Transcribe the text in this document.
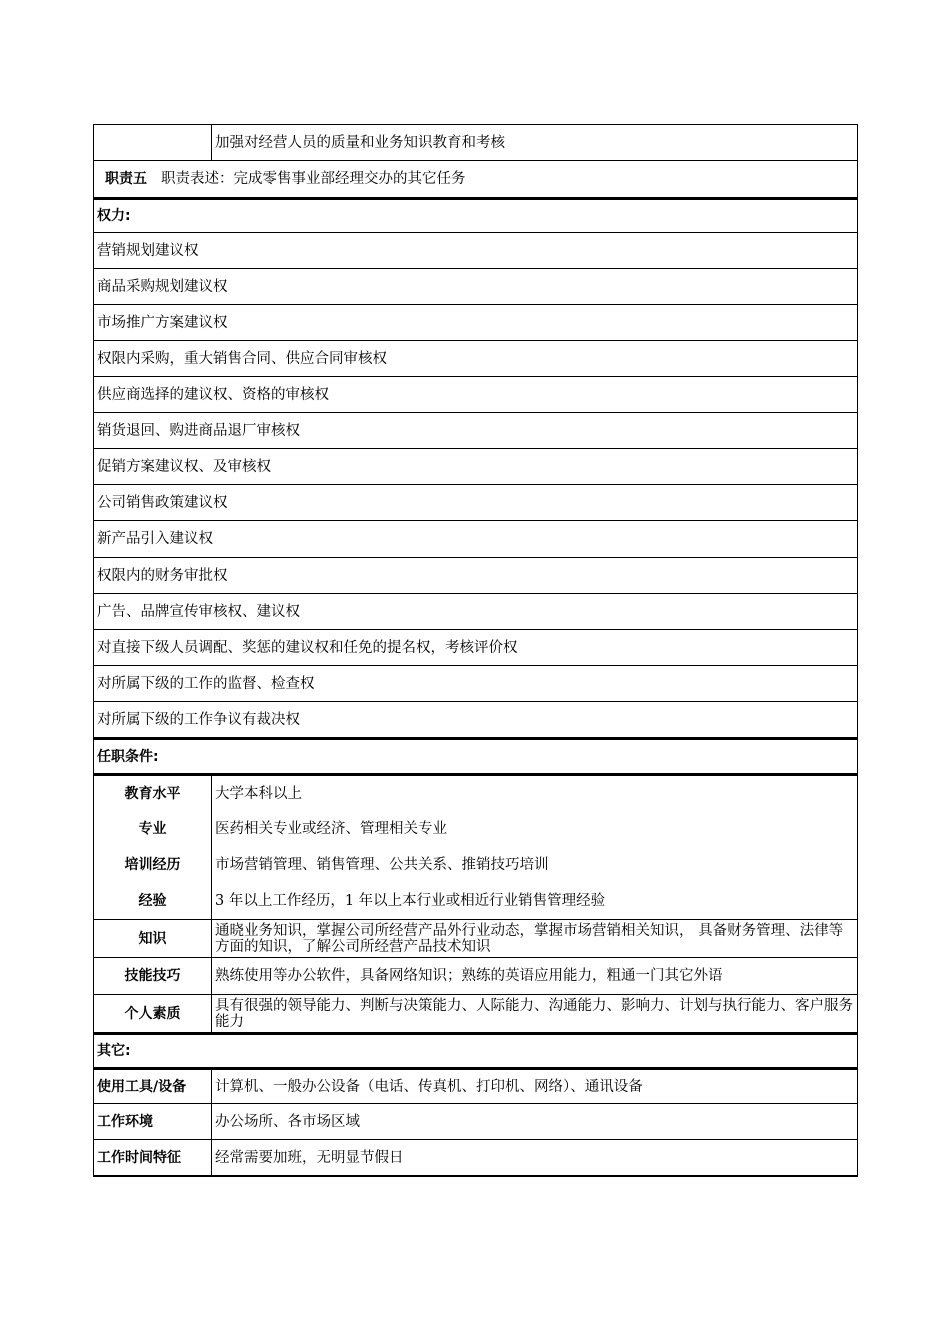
加强对经营人员的质量和业务知识教育和考核
职责五 职责表述：完成零售事业部经理交办的其它任务
权力:
营销规划建议权
商品采购规划建议权
市场推广方案建议权
权限内采购，重大销售合同、供应合同审核权
供应商选择的建议权、资格的审核权
销货退回、购进商品退厂审核权
促销方案建议权、及审核权
公司销售政策建议权
新产品引入建议权
权限内的财务审批权
广告、品牌宣传审核权、建议权
对直接下级人员调配、奖惩的建议权和任免的提名权，考核评价权
对所属下级的工作的监督、检查权
对所属下级的工作争议有裁决权
任职条件:
教育水平	大学本科以上
专业	医药相关专业或经济、管理相关专业
培训经历	市场营销管理、销售管理、公共关系、推销技巧培训
经验	3 年以上工作经历，1 年以上本行业或相近行业销售管理经验
知识	通晓业务知识，掌握公司所经营产品外行业动态，掌握市场营销相关知识， 具备财务管理、法律等方面的知识，了解公司所经营产品技术知识
技能技巧	熟练使用等办公软件，具备网络知识；熟练的英语应用能力，粗通一门其它外语
个人素质	具有很强的领导能力、判断与决策能力、人际能力、沟通能力、影响力、计划与执行能力、客户服务能力
其它:
使用工具/设备	计算机、一般办公设备（电话、传真机、打印机、网络）、通讯设备
工作环境	办公场所、各市场区域
工作时间特征	经常需要加班，无明显节假日
